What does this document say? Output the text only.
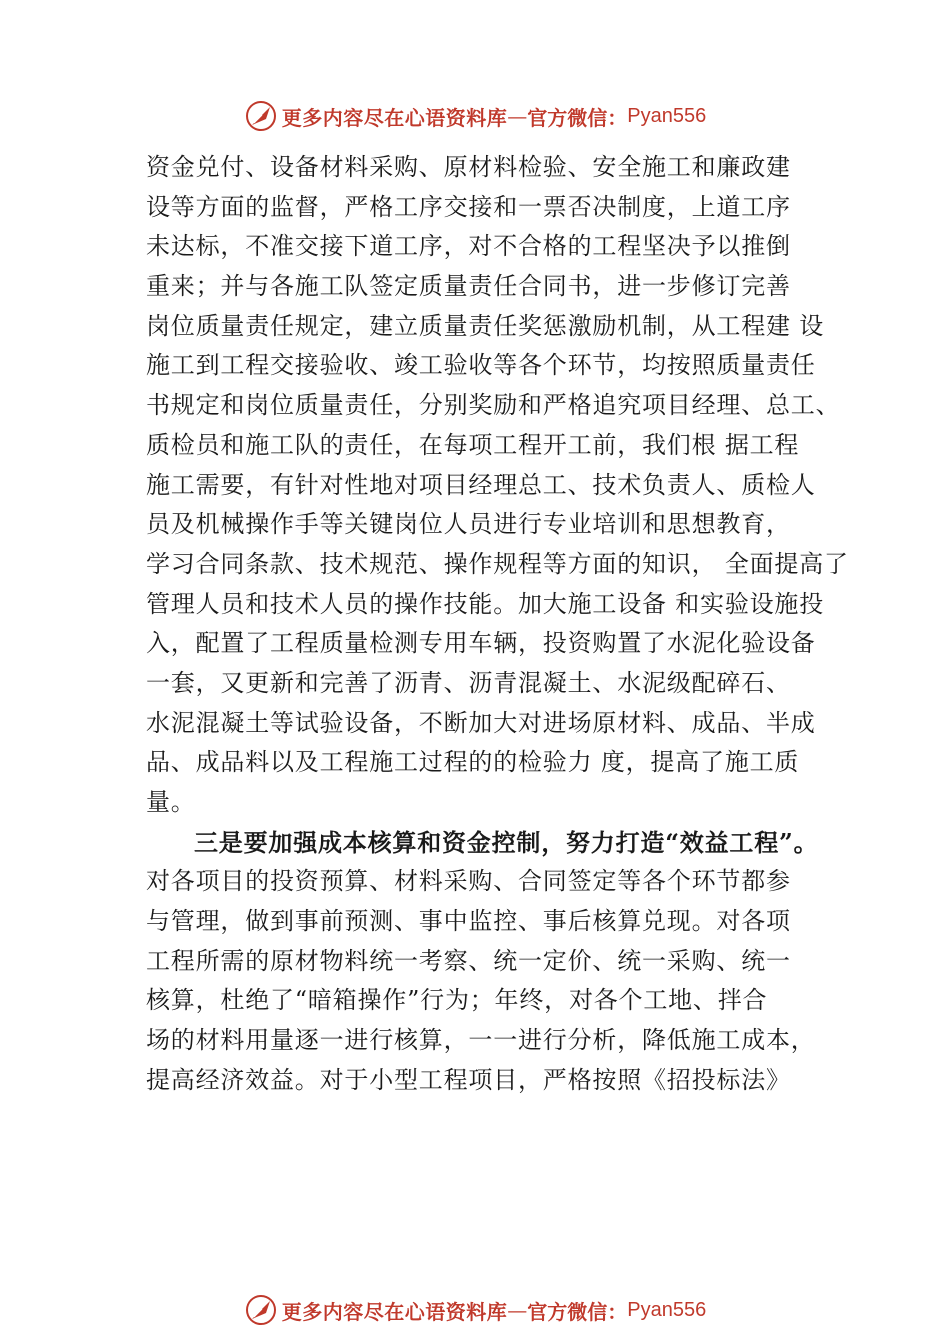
更多内容尽在心语资料库 — 官方微信： Pyan556
资金兑付、设备材料采购、原材料检验、安全施工和廉政建
设等方面的监督，严格工序交接和一票否决制度，上道工序
未达标，不准交接下道工序，对不合格的工程坚决予以推倒
重来；并与各施工队签定质量责任合同书，进一步修订完善
岗位质量责任规定，建立质量责任奖惩激励机制，从工程建 设
施工到工程交接验收、竣工验收等各个环节，均按照质量责任
书规定和岗位质量责任，分别奖励和严格追究项目经理、总工、
质检员和施工队的责任，在每项工程开工前，我们根 据工程
施工需要，有针对性地对项目经理总工、技术负责人、质检人
员及机械操作手等关键岗位人员进行专业培训和思想教育，
学习合同条款、技术规范、操作规程等方面的知识， 全面提高了
管理人员和技术人员的操作技能。加大施工设备 和实验设施投
入，配置了工程质量检测专用车辆，投资购置了水泥化验设备
一套，又更新和完善了沥青、沥青混凝土、水泥级配碎石、
水泥混凝土等试验设备，不断加大对进场原材料、成品、半成
品、成品料以及工程施工过程的的检验力 度，提高了施工质
量。
三是要加强成本核算和资金控制，努力打造“效益工程”。
对各项目的投资预算、材料采购、合同签定等各个环节都参
与管理，做到事前预测、事中监控、事后核算兑现。对各项
工程所需的原材物料统一考察、统一定价、统一采购、统一
核算，杜绝了“暗箱操作”行为；年终，对各个工地、拌合
场的材料用量逐一进行核算，一一进行分析，降低施工成本，
提高经济效益。对于小型工程项目，严格按照《招投标法》
更多内容尽在心语资料库 — 官方微信： Pyan556
